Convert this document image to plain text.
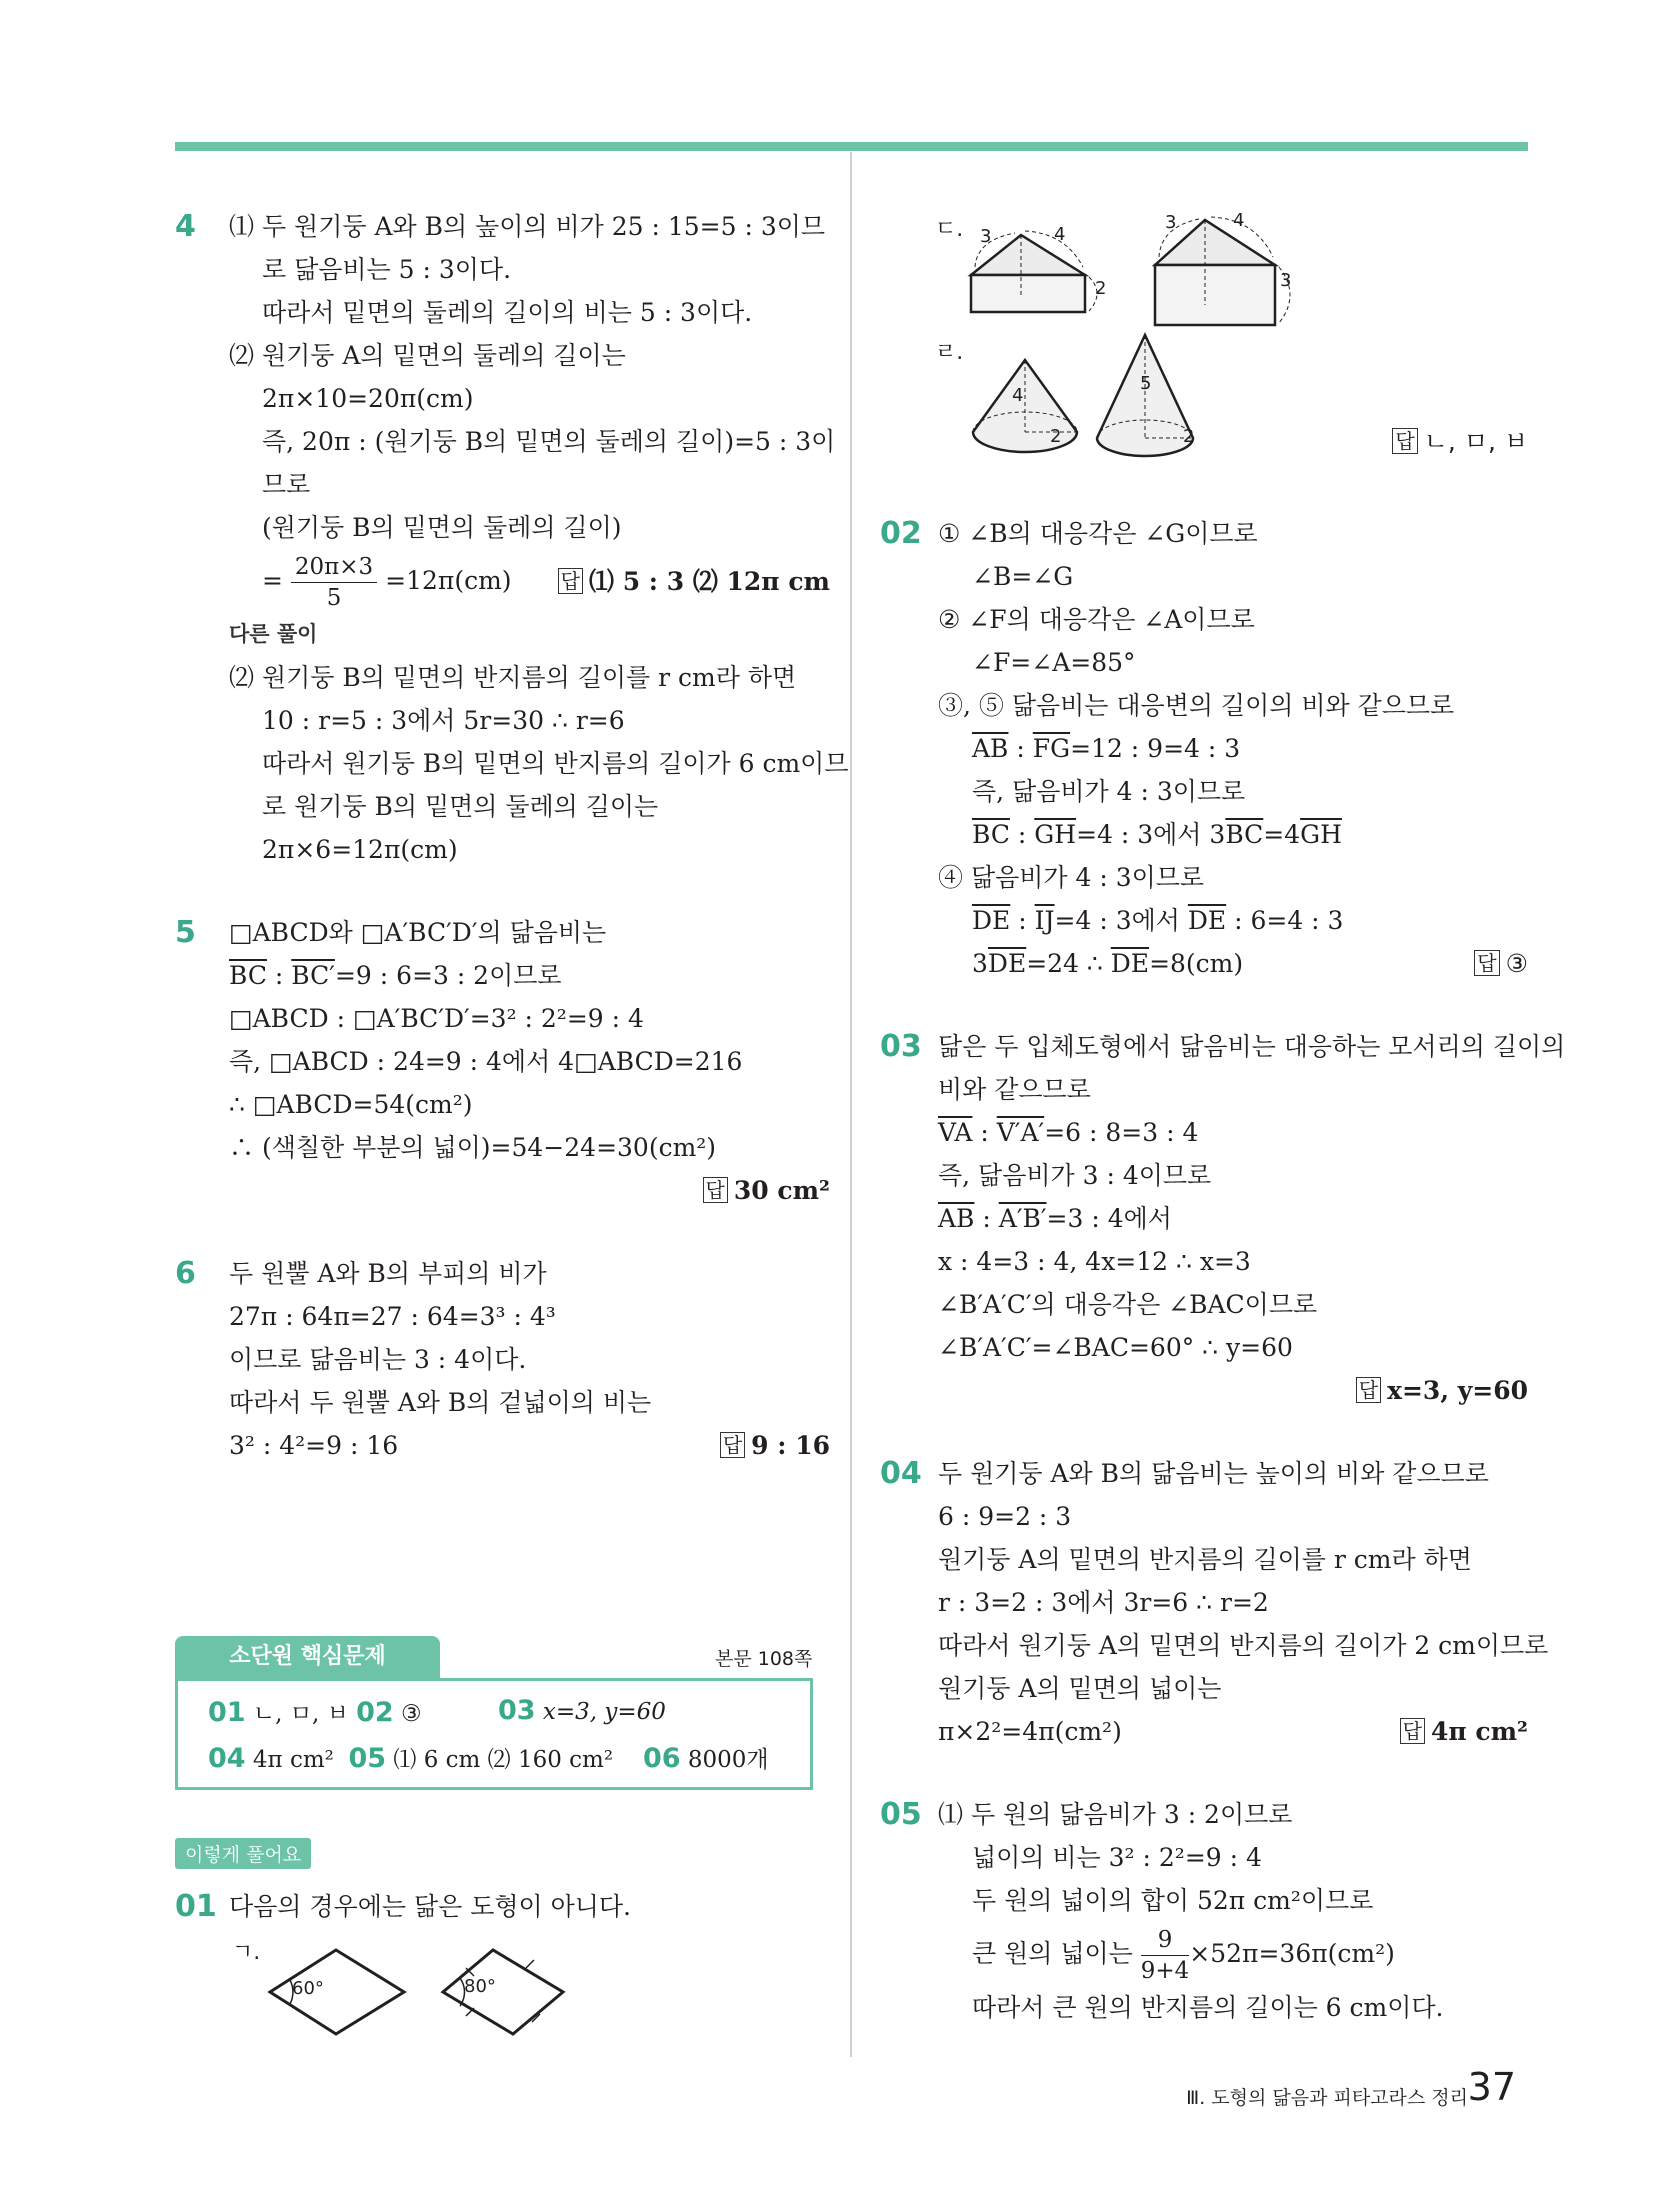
4 ⑴ 두 원기둥 A와 B의 높이의 비가 25 : 15=5 : 3이므
로 닮음비는 5 : 3이다.
따라서 밑면의 둘레의 길이의 비는 5 : 3이다.
⑵ 원기둥 A의 밑면의 둘레의 길이는
2π×10=20π(cm)
즉, 20π : (원기둥 B의 밑면의 둘레의 길이)=5 : 3이
므로
(원기둥 B의 밑면의 둘레의 길이)
= $\frac{20\pi\times 3}{5} =12\pi(cm)$ 답 ⑴ 5 : 3 ⑵ 12π cm
다른 풀이
⑵ 원기둥 B의 밑면의 반지름의 길이를 r cm라 하면
10 : r=5 : 3에서 5r=30 ∴ r=6
따라서 원기둥 B의 밑면의 반지름의 길이가 6 cm이므
로 원기둥 B의 밑면의 둘레의 길이는
2π×6=12π(cm)
5 □ABCD와 □A′BC′D′의 닮음비는
$\overline{BC}$ : BC′=9 : 6=3 : 2이므로
□ABCD : □A′BC′D′=3² : 2²=9 : 4
즉, □ABCD : 24=9 : 4에서 4□ABCD=216
∴ □ABCD=54(cm²)
∴ (색칠한 부분의 넓이)=54−24=30(cm²)
답 30 cm²

6 두 원뿔 A와 B의 부피의 비가
27π : 64π=27 : 64=3³ : 4³
이므로 닮음비는 3 : 4이다.
따라서 두 원뿔 A와 B의 겉넓이의 비는
3² : 4²=9 : 16	답 9 : 16
소단원 핵심문제	본문 108쪽
01 ㄴ, ㅁ, ㅂ 02 ③	03 x=3, y=60
04 4π cm² 05 ⑴ 6 cm ⑵ 160 cm² 06 8000개
이렇게 풀어요
01 다음의 경우에는 닮은 도형이 아니다.
ㄱ.
60°	80°
ㄷ. 3	4
2
3	4
3
ㄹ.
4
2
5
2	답 ㄴ, ㅁ, ㅂ

02 ① ∠B의 대응각은 ∠G이므로
∠B=∠G
② ∠F의 대응각은 ∠A이므로
∠F=∠A=85°
③, ⑤ 닮음비는 대응변의 길이의 비와 같으므로
$\overline{AB}$ : $\overline{FG}=12$ : 9=4 : 3
즉, 닮음비가 4 : 3이므로
$\overline{BC}$ : $\overline{GH}=4$ : 3에서 $3\overline{BC}=4\overline{GH}$
④ 닮음비가 4 : 3이므로
$\overline{DE}$ : $\overline{IJ}=4$ : 3에서 $\overline{DE}$ : 6=4 : 3
$3\overline{DE}=24$ ∴ $\overline{DE}=8(cm)$	답 ③
03 닮은 두 입체도형에서 닮음비는 대응하는 모서리의 길이의
비와 같으므로
$\overline{VA}$ : V′A′=6 : 8=3 : 4
즉, 닮음비가 3 : 4이므로
$\overline{AB}$ : A′B′=3 : 4에서
x : 4=3 : 4, 4x=12 ∴ x=3
∠B′A′C′의 대응각은 ∠BAC이므로
∠B′A′C′=∠BAC=60° ∴ y=60
답 x=3, y=60

04 두 원기둥 A와 B의 닮음비는 높이의 비와 같으므로
6 : 9=2 : 3
원기둥 A의 밑면의 반지름의 길이를 r cm라 하면
r : 3=2 : 3에서 3r=6 ∴ r=2
따라서 원기둥 A의 밑면의 반지름의 길이가 2 cm이므로
원기둥 A의 밑면의 넓이는
π×2²=4π(cm²)	답 4π cm²
05 ⑴ 두 원의 닮음비가 3 : 2이므로
넓이의 비는 3² : 2²=9 : 4
두 원의 넓이의 합이 52π cm²이므로
큰 원의 넓이는 $\frac{9}{9+4} \times 52\pi=36\pi(cm^2)$
따라서 큰 원의 반지름의 길이는 6 cm이다.
Ⅲ. 도형의 닮음과 피타고라스 정리 37
